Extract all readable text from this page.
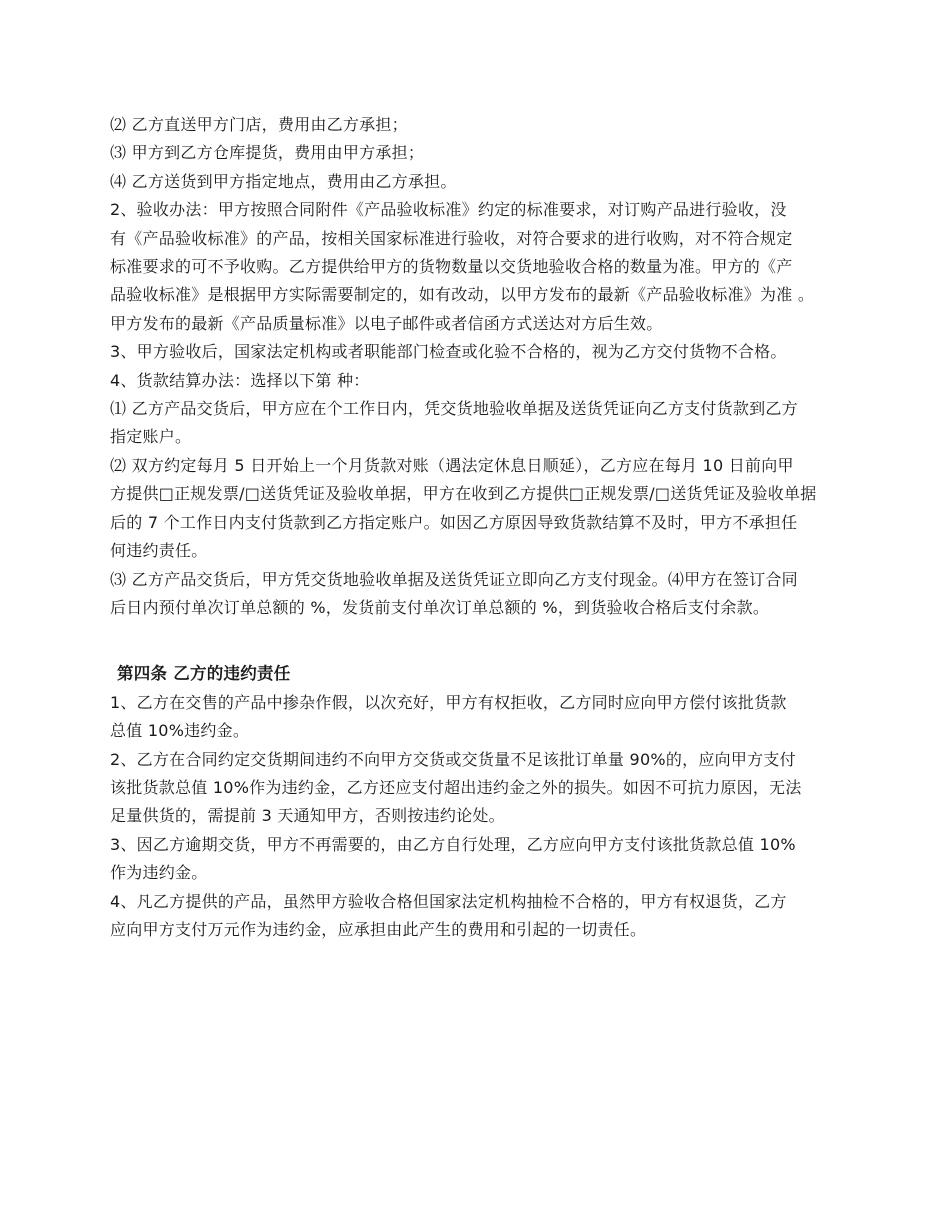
⑵ 乙方直送甲方门店，费用由乙方承担；
⑶ 甲方到乙方仓库提货，费用由甲方承担；
⑷ 乙方送货到甲方指定地点，费用由乙方承担。
2、验收办法：甲方按照合同附件《产品验收标准》约定的标准要求，对订购产品进行验收，没
有《产品验收标准》的产品，按相关国家标准进行验收，对符合要求的进行收购，对不符合规定
标准要求的可不予收购。乙方提供给甲方的货物数量以交货地验收合格的数量为准。甲方的《产
品验收标准》是根据甲方实际需要制定的，如有改动，以甲方发布的最新《产品验收标准》为准 。
甲方发布的最新《产品质量标准》以电子邮件或者信函方式送达对方后生效。
3、甲方验收后，国家法定机构或者职能部门检查或化验不合格的，视为乙方交付货物不合格。
4、货款结算办法：选择以下第 种：
⑴ 乙方产品交货后，甲方应在个工作日内，凭交货地验收单据及送货凭证向乙方支付货款到乙方
指定账户。
⑵ 双方约定每月 5 日开始上一个月货款对账（遇法定休息日顺延），乙方应在每月 10 日前向甲
方提供□正规发票/□送货凭证及验收单据，甲方在收到乙方提供□正规发票/□送货凭证及验收单据
后的 7 个工作日内支付货款到乙方指定账户。如因乙方原因导致货款结算不及时，甲方不承担任
何违约责任。
⑶ 乙方产品交货后，甲方凭交货地验收单据及送货凭证立即向乙方支付现金。⑷甲方在签订合同
后日内预付单次订单总额的 %，发货前支付单次订单总额的 %，到货验收合格后支付余款。
第四条 乙方的违约责任
1、乙方在交售的产品中掺杂作假，以次充好，甲方有权拒收，乙方同时应向甲方偿付该批货款
总值 10%违约金。
2、乙方在合同约定交货期间违约不向甲方交货或交货量不足该批订单量 90%的，应向甲方支付
该批货款总值 10%作为违约金，乙方还应支付超出违约金之外的损失。如因不可抗力原因，无法
足量供货的，需提前 3 天通知甲方，否则按违约论处。
3、因乙方逾期交货，甲方不再需要的，由乙方自行处理，乙方应向甲方支付该批货款总值 10%
作为违约金。
4、凡乙方提供的产品，虽然甲方验收合格但国家法定机构抽检不合格的，甲方有权退货，乙方
应向甲方支付万元作为违约金，应承担由此产生的费用和引起的一切责任。
